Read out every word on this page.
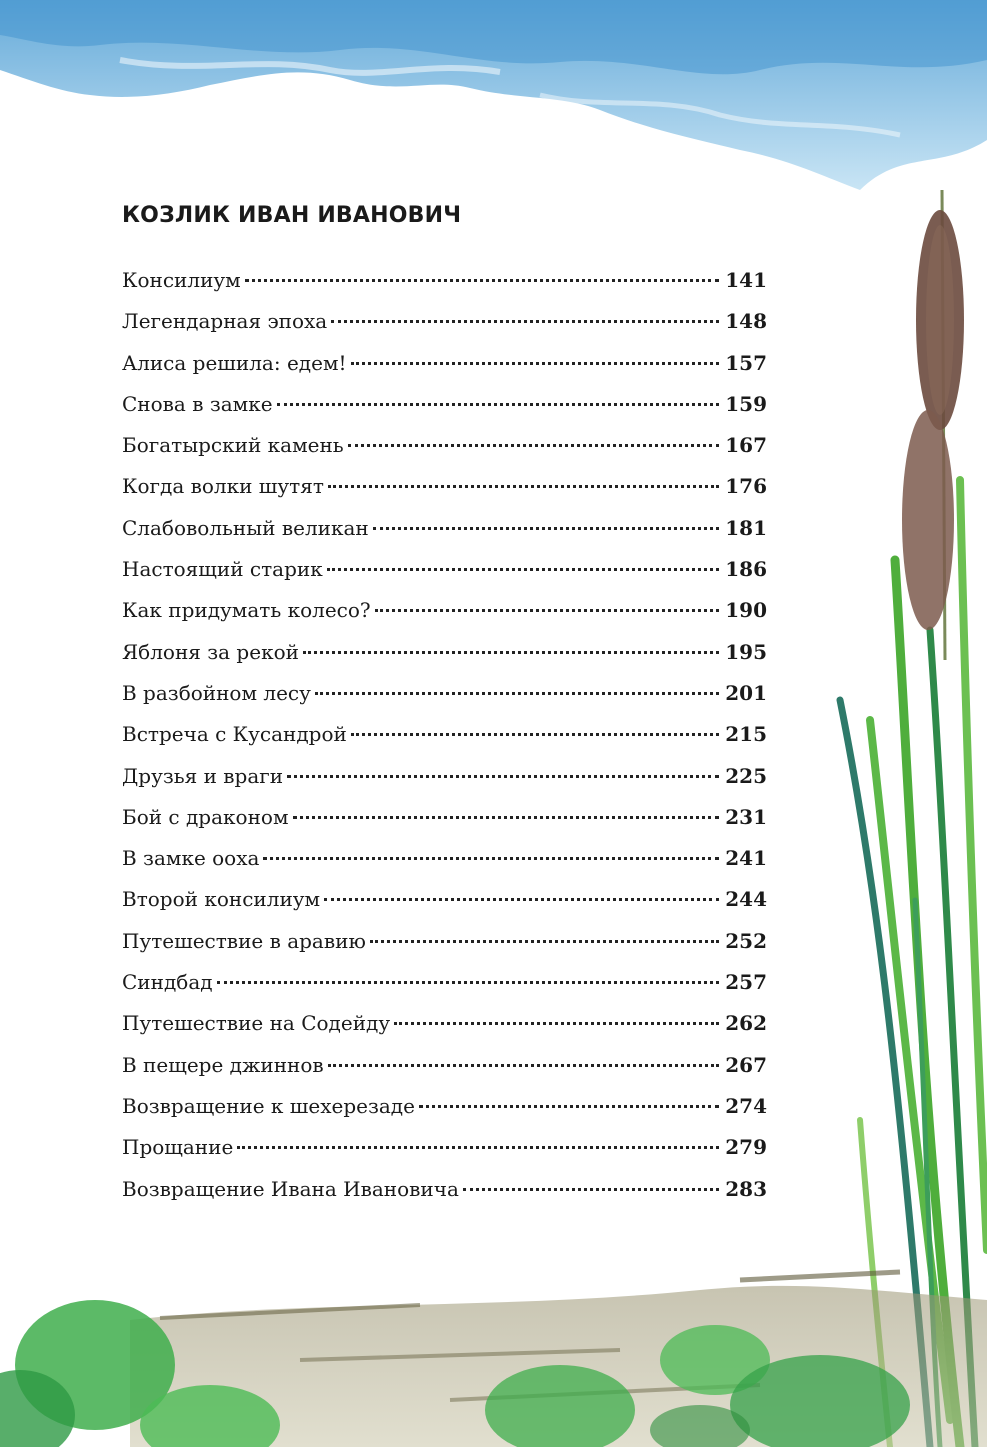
КОЗЛИК ИВАН ИВАНОВИЧ
Консилиум	141
Легендарная эпоха	148
Алиса решила: едем!	157
Снова в замке	159
Богатырский камень	167
Когда волки шутят	176
Слабовольный великан	181
Настоящий старик	186
Как придумать колесо?	190
Яблоня за рекой	195
В разбойном лесу	201
Встреча с Кусандрой	215
Друзья и враги	225
Бой с драконом	231
В замке ооха	241
Второй консилиум	244
Путешествие в аравию	252
Синдбад	257
Путешествие на Содейду	262
В пещере джиннов	267
Возвращение к шехерезаде	274
Прощание	279
Возвращение Ивана Ивановича	283
